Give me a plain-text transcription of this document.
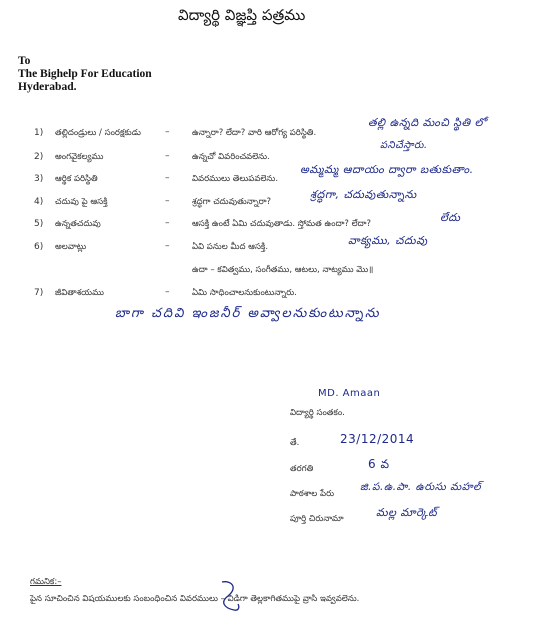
విద్యార్థి విజ్ఞప్తి పత్రము
To
The Bighelp For Education
Hyderabad.
1) తల్లిదండ్రులు / సంరక్షకుడు	–	ఉన్నారా? లేదా? వారి ఆరోగ్య పరిస్థితి.
తల్లి ఉన్నది మంచి స్థితి లో
పనిచేస్తారు.
2) అంగవైకల్యము	–	ఉన్నచో వివరించవలెను.
3) ఆర్థిక పరిస్థితి	–	వివరములు తెలుపవలెను.
అమ్మమ్మ ఆదాయం ద్వారా బతుకుతాం.
4) చదువు పై ఆసక్తి	–	శ్రద్ధగా చదువుతున్నారా?
శ్రద్ధగా, చదువుతున్నాను
5) ఉన్నతచదువు	–	ఆసక్తి ఉంటే ఏమి చదువుతాడు. స్తోమత ఉందా? లేదా?	లేదు
6) అలవాట్లు	–	ఏవి పనుల మీద ఆసక్తి.	వాక్యము, చదువు
ఉదా – కవిత్వము, సంగీతము, ఆటలు, నాట్యము మొ॥
7) జీవితాశయము	–	ఏమి సాధించాలనుకుంటున్నారు.
బాగా చదివి ఇంజనీర్ అవ్వాలనుకుంటున్నాను
MD. Amaan
విద్యార్థి సంతకం.
తే.	23/12/2014
తరగతి	6 వ
పాఠశాల పేరు
జి.ప.ఉ.పా. ఉరుసు మహల్
పూర్తి చిరునామా	మల్ల మార్కెట్
గమనిక:–
పైన సూచించిన విషయములకు సంబంధించిన వివరములు – విడిగా తెల్లకాగితముపై వ్రాసి ఇవ్వవలెను.
